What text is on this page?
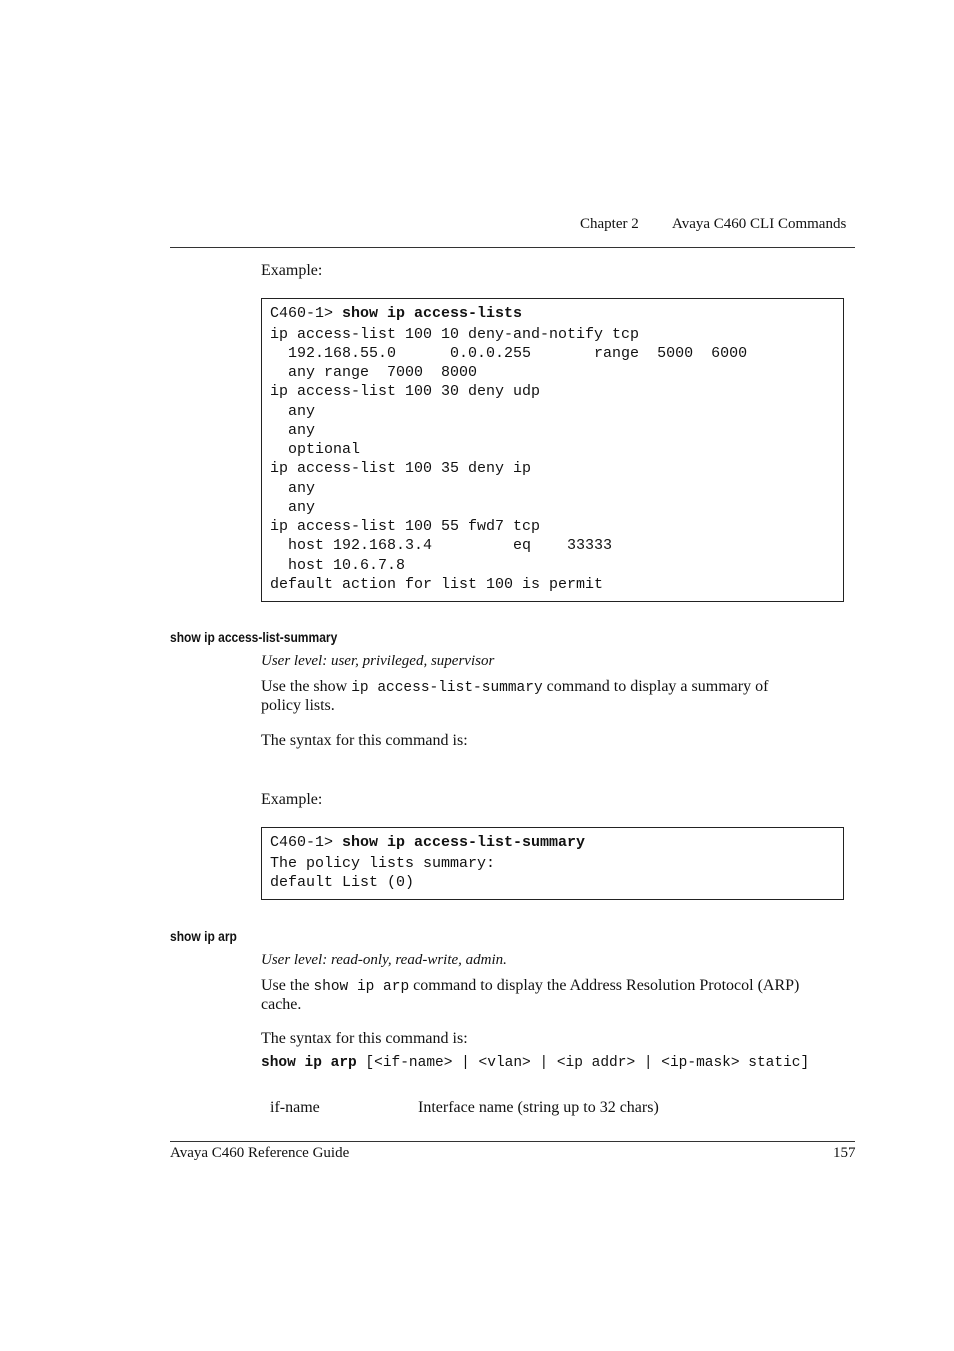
Chapter 2 Avaya C460 CLI Commands
Example:
C460-1> show ip access-lists
ip access-list 100 10 deny-and-notify tcp
192.168.55.0      0.0.0.255       range  5000  6000
any range  7000  8000
ip access-list 100 30 deny udp
any
any
optional
ip access-list 100 35 deny ip
any
any
ip access-list 100 55 fwd7 tcp
host 192.168.3.4         eq    33333
host 10.6.7.8
default action for list 100 is permit
show ip access-list-summary
User level: user, privileged, supervisor
Use the show ip access-list-summary command to display a summary of
policy lists.
The syntax for this command is:
Example:
C460-1> show ip access-list-summary
The policy lists summary:
default List (0)
show ip arp
User level: read-only, read-write, admin.
Use the show ip arp command to display the Address Resolution Protocol (ARP)
cache.
The syntax for this command is:
show ip arp [<if-name> | <vlan> | <ip addr> | <ip-mask> static]
if-name	Interface name (string up to 32 chars)
Avaya C460 Reference Guide	157
